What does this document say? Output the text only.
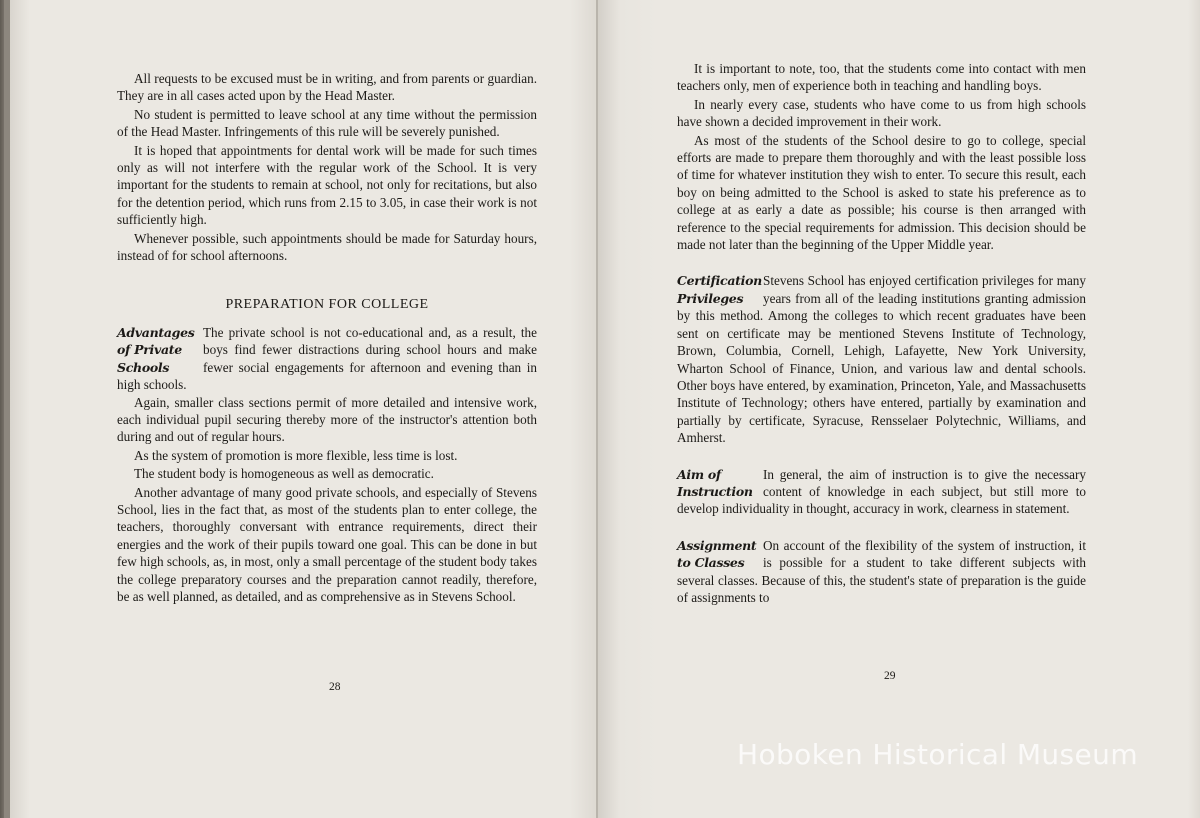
All requests to be excused must be in writing, and from parents or guardian. They are in all cases acted upon by the Head Master.

No student is permitted to leave school at any time without the permission of the Head Master. Infringements of this rule will be severely punished.

It is hoped that appointments for dental work will be made for such times only as will not interfere with the regular work of the School. It is very important for the students to remain at school, not only for recitations, but also for the detention period, which runs from 2.15 to 3.05, in case their work is not sufficiently high.

Whenever possible, such appointments should be made for Saturday hours, instead of for school afternoons.

PREPARATION FOR COLLEGE
Advantages
of Private
Schools

The private school is not co-educational and, as a result, the boys find fewer distractions during school hours and make fewer social engagements for afternoon and evening than in high schools.

Again, smaller class sections permit of more detailed and intensive work, each individual pupil securing thereby more of the instructor's attention both during and out of regular hours.

As the system of promotion is more flexible, less time is lost.

The student body is homogeneous as well as democratic.

Another advantage of many good private schools, and especially of Stevens School, lies in the fact that, as most of the students plan to enter college, the teachers, thoroughly conversant with entrance requirements, direct their energies and the work of their pupils toward one goal. This can be done in but few high schools, as, in most, only a small percentage of the student body takes the college preparatory courses and the preparation cannot readily, therefore, be as well planned, as detailed, and as comprehensive as in Stevens School.

28

It is important to note, too, that the students come into contact with men teachers only, men of experience both in teaching and handling boys.

In nearly every case, students who have come to us from high schools have shown a decided improvement in their work.

As most of the students of the School desire to go to college, special efforts are made to prepare them thoroughly and with the least possible loss of time for whatever institution they wish to enter. To secure this result, each boy on being admitted to the School is asked to state his preference as to college at as early a date as possible; his course is then arranged with reference to the special requirements for admission. This decision should be made not later than the beginning of the Upper Middle year.

Certification
Privileges

Stevens School has enjoyed certification privileges for many years from all of the leading institutions granting admission by this method. Among the colleges to which recent graduates have been sent on certificate may be mentioned Stevens Institute of Technology, Brown, Columbia, Cornell, Lehigh, Lafayette, New York University, Wharton School of Finance, Union, and various law and dental schools. Other boys have entered, by examination, Princeton, Yale, and Massachusetts Institute of Technology; others have entered, partially by examination and partially by certificate, Syracuse, Rensselaer Polytechnic, Williams, and Amherst.

Aim of
Instruction

In general, the aim of instruction is to give the necessary content of knowledge in each subject, but still more to develop individuality in thought, accuracy in work, clearness in statement.

Assignment
to Classes

On account of the flexibility of the system of instruction, it is possible for a student to take different subjects with several classes. Because of this, the student's state of preparation is the guide of assignments to

29
Hoboken Historical Museum
